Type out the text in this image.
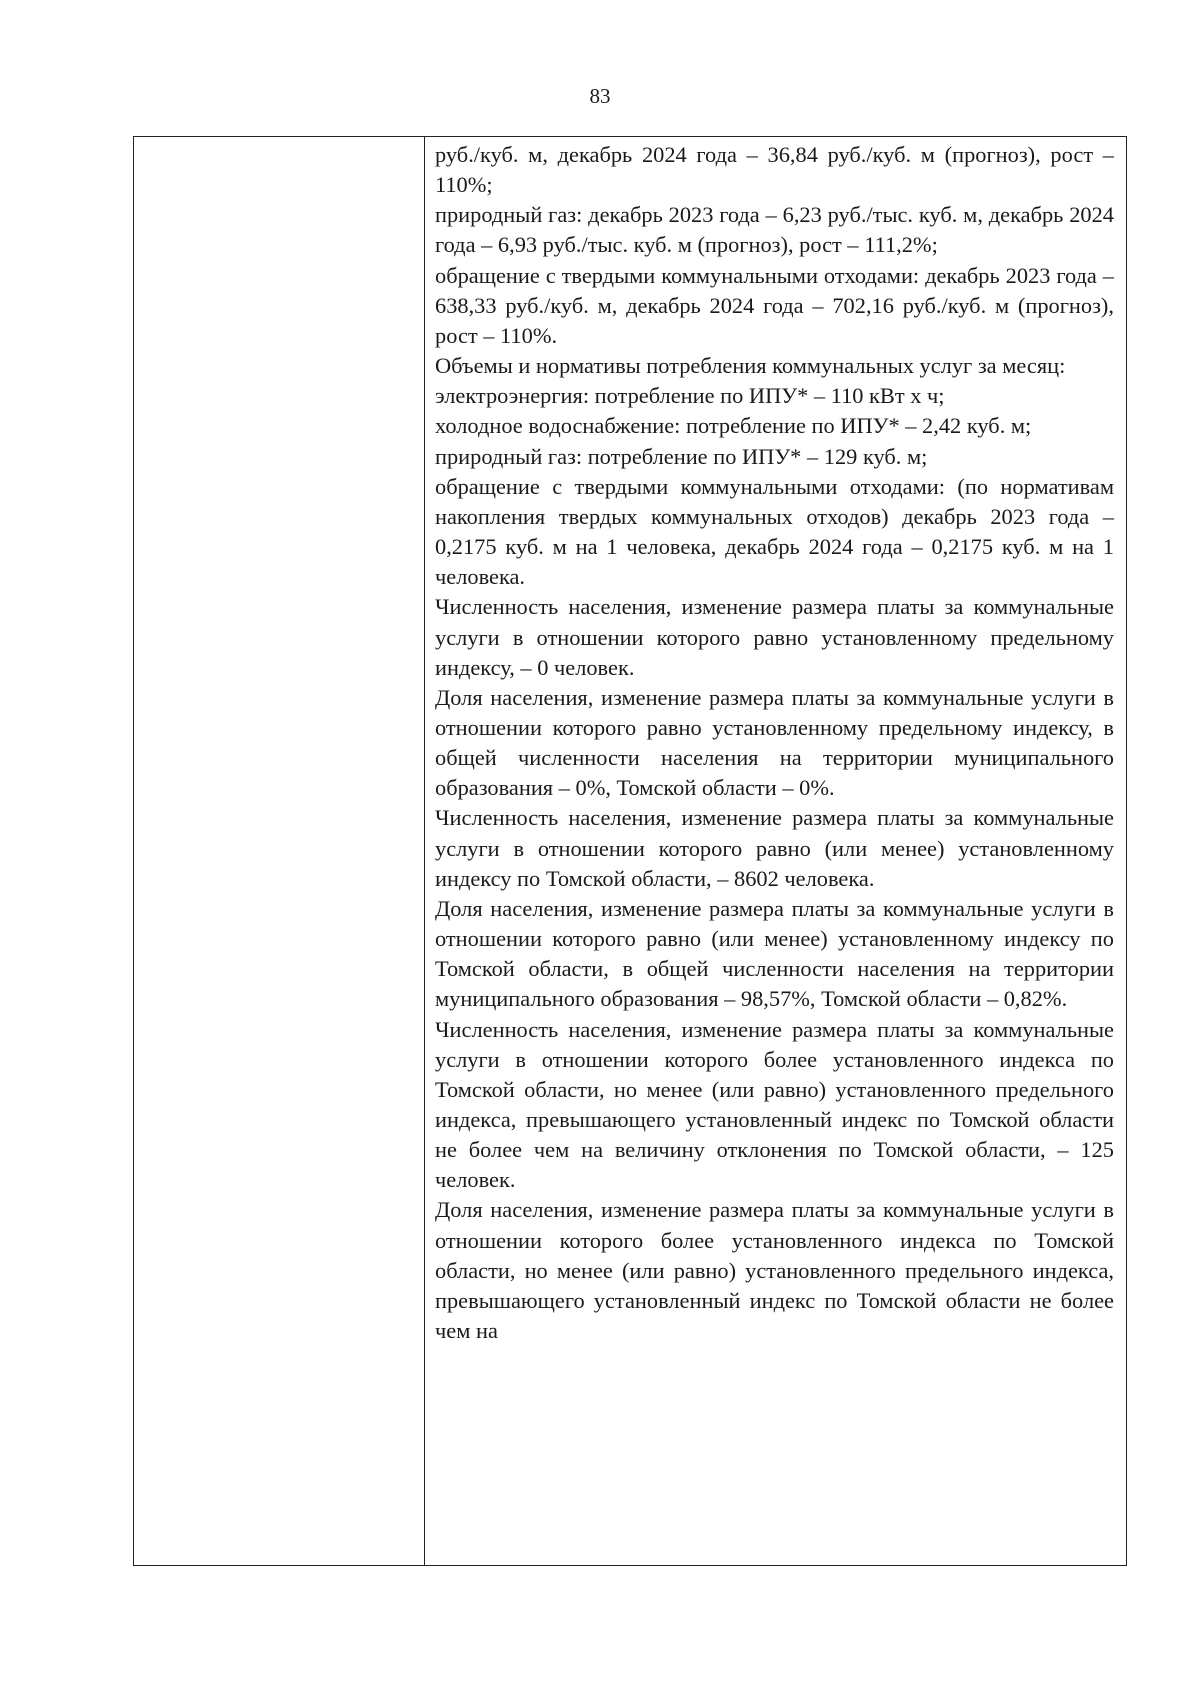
83

руб./куб. м, декабрь 2024 года – 36,84 руб./куб. м (прогноз), рост – 110%;

природный газ: декабрь 2023 года – 6,23 руб./тыс. куб. м, декабрь 2024 года – 6,93 руб./тыс. куб. м (прогноз), рост – 111,2%;

обращение с твердыми коммунальными отходами: декабрь 2023 года – 638,33 руб./куб. м, декабрь 2024 года – 702,16 руб./куб. м (прогноз), рост – 110%.

Объемы и нормативы потребления коммунальных услуг за месяц:

электроэнергия: потребление по ИПУ* – 110 кВт х ч;

холодное водоснабжение: потребление по ИПУ* – 2,42 куб. м;

природный газ: потребление по ИПУ* – 129 куб. м;

обращение с твердыми коммунальными отходами: (по нормативам накопления твердых коммунальных отходов) декабрь 2023 года – 0,2175 куб. м на 1 человека, декабрь 2024 года – 0,2175 куб. м на 1 человека.

Численность населения, изменение размера платы за коммунальные услуги в отношении которого равно установленному предельному индексу, – 0 человек.

Доля населения, изменение размера платы за коммунальные услуги в отношении которого равно установленному предельному индексу, в общей численности населения на территории муниципального образования – 0%, Томской области – 0%.

Численность населения, изменение размера платы за коммунальные услуги в отношении которого равно (или менее) установленному индексу по Томской области, – 8602 человека.

Доля населения, изменение размера платы за коммунальные услуги в отношении которого равно (или менее) установленному индексу по Томской области, в общей численности населения на территории муниципального образования – 98,57%, Томской области – 0,82%.

Численность населения, изменение размера платы за коммунальные услуги в отношении которого более установленного индекса по Томской области, но менее (или равно) установленного предельного индекса, превышающего установленный индекс по Томской области не более чем на величину отклонения по Томской области, – 125 человек.

Доля населения, изменение размера платы за коммунальные услуги в отношении которого более установленного индекса по Томской области, но менее (или равно) установленного предельного индекса, превышающего установленный индекс по Томской области не более чем на
